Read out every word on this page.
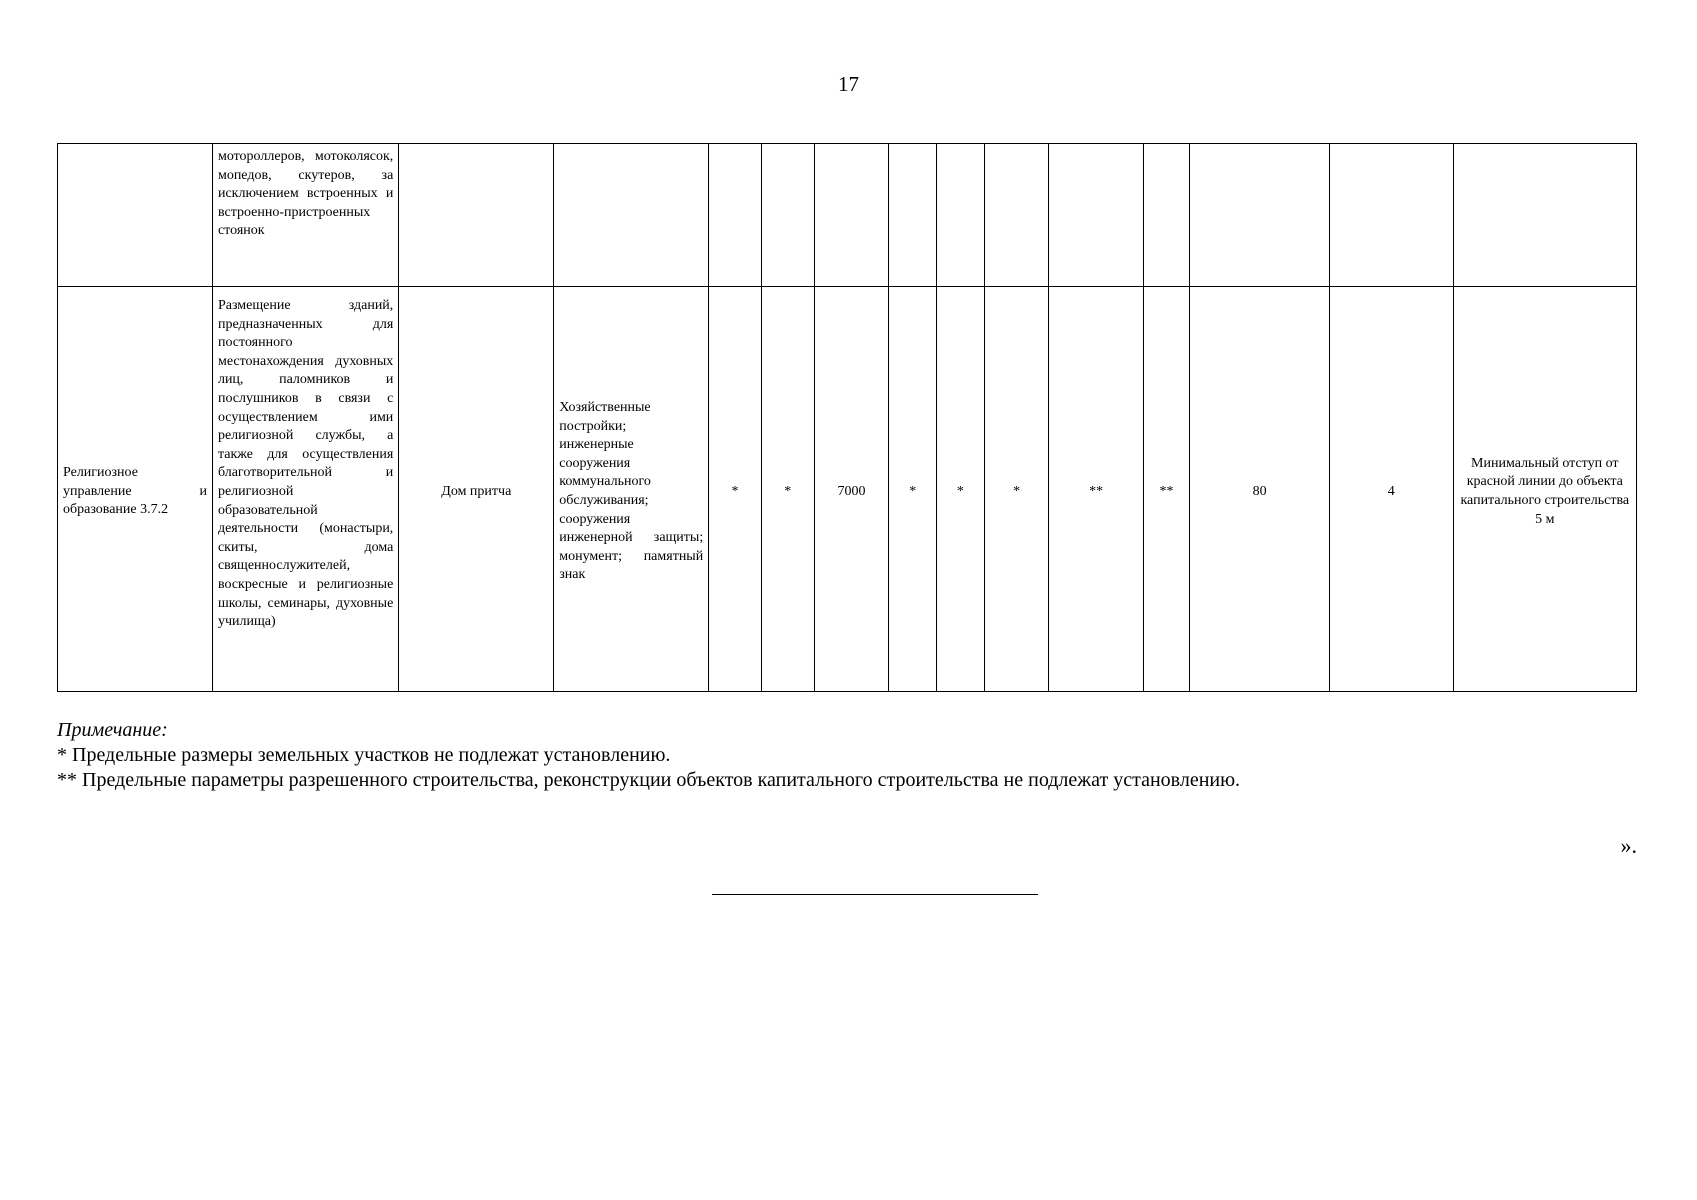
17
	мотороллеров, мотоколясок, мопедов, скутеров, за исключением встроенных и встроенно-пристроенных стоянок													
Религиозное управление и образование 3.7.2	Размещение зданий, предназначенных для постоянного местонахождения духовных лиц, паломников и послушников в связи с осуществлением ими религиозной службы, а также для осуществления благотворительной и религиозной образовательной деятельности (монастыри, скиты, дома священнослужителей, воскресные и религиозные школы, семинары, духовные училища)	Дом притча	Хозяйственные постройки; инженерные сооружения коммунального обслуживания; сооружения инженерной защиты; монумент; памятный знак	*	*	7000	*	*	*	**	**	80	4	Минимальный отступ от красной линии до объекта капитального строительства 5 м
Примечание:
* Предельные размеры земельных участков не подлежат установлению.
** Предельные параметры разрешенного строительства, реконструкции объектов капитального строительства не подлежат установлению.
».
